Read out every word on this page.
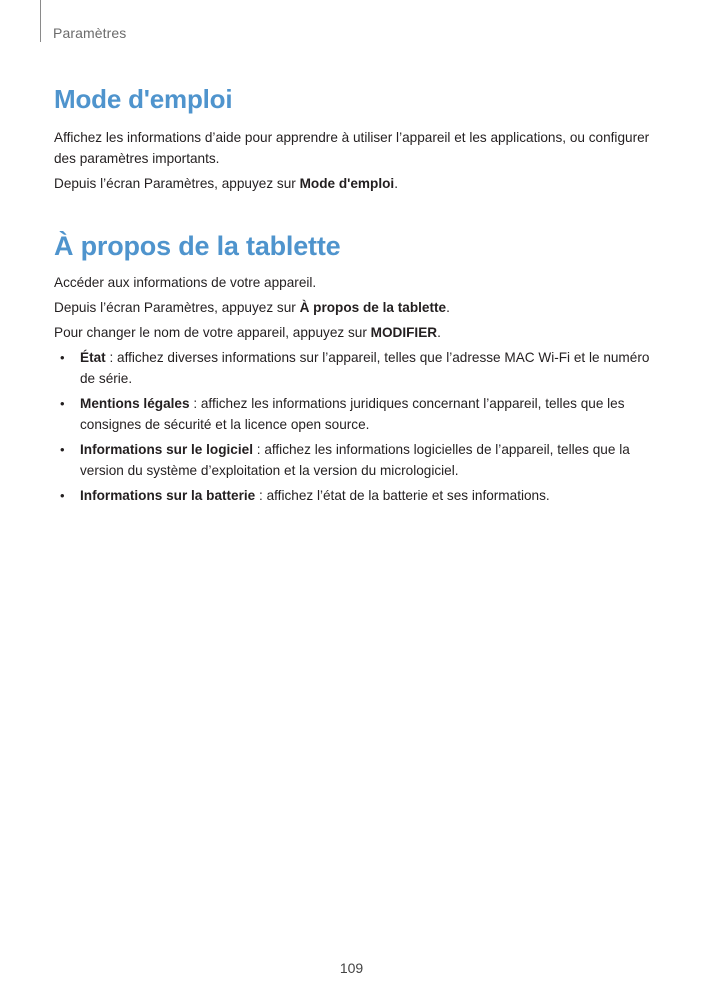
Paramètres
Mode d'emploi

Affichez les informations d’aide pour apprendre à utiliser l’appareil et les applications, ou configurer des paramètres importants.

Depuis l’écran Paramètres, appuyez sur Mode d'emploi.

À propos de la tablette

Accéder aux informations de votre appareil.

Depuis l’écran Paramètres, appuyez sur À propos de la tablette.

Pour changer le nom de votre appareil, appuyez sur MODIFIER.

• État : affichez diverses informations sur l’appareil, telles que l’adresse MAC Wi-Fi et le numéro de série.
• Mentions légales : affichez les informations juridiques concernant l’appareil, telles que les consignes de sécurité et la licence open source.
• Informations sur le logiciel : affichez les informations logicielles de l’appareil, telles que la version du système d’exploitation et la version du micrologiciel.
• Informations sur la batterie : affichez l’état de la batterie et ses informations.
109
